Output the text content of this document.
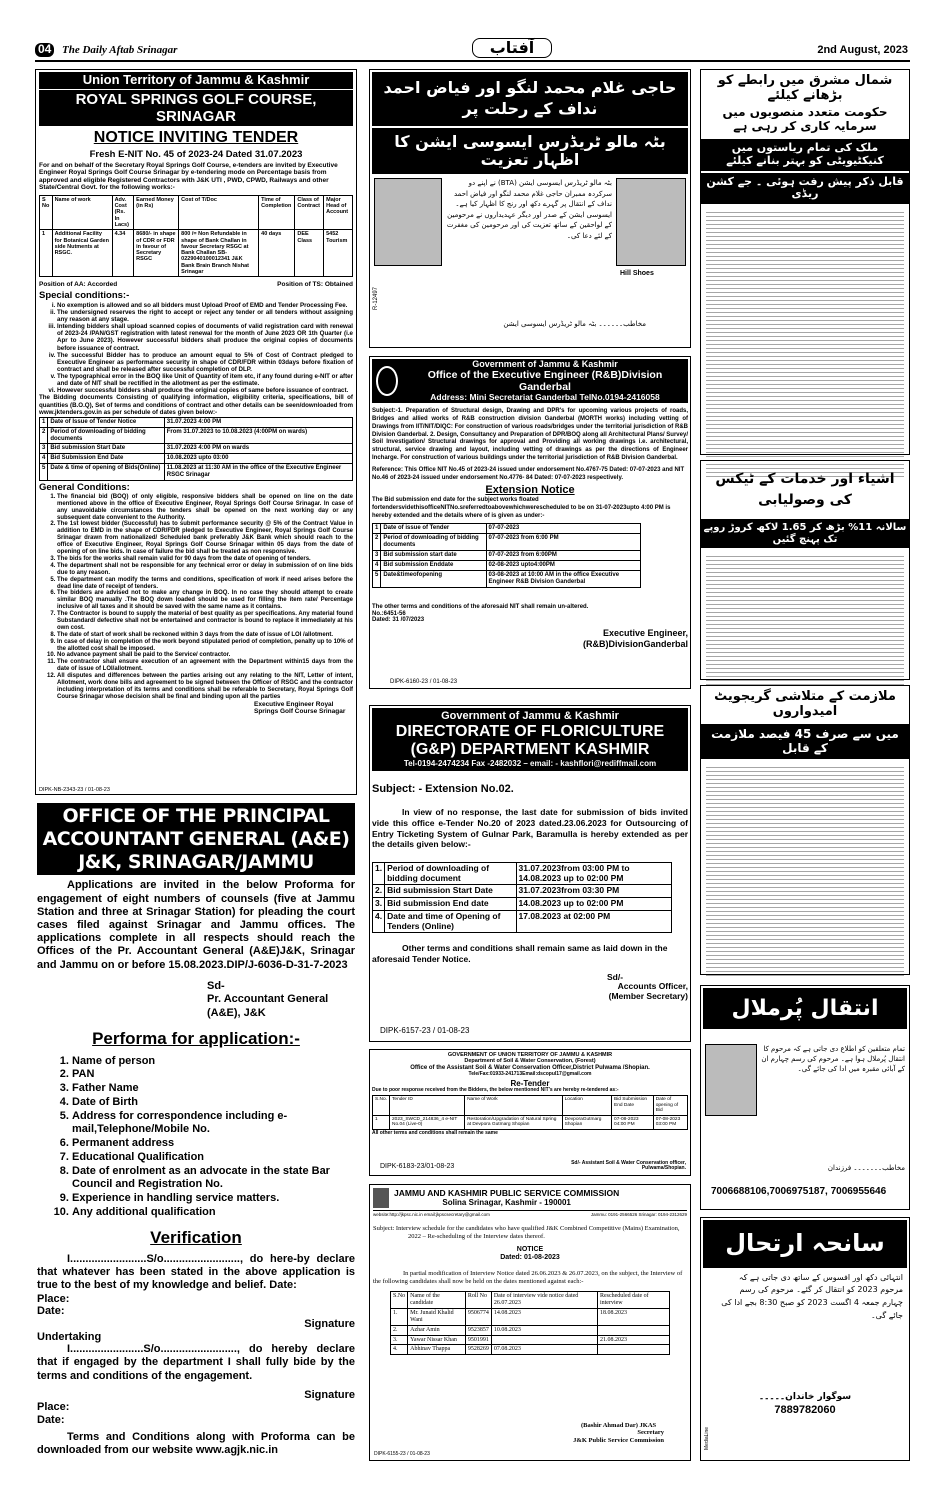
04 The Daily Aftab Srinagar	آفتاب	2nd August, 2023
Union Territory of Jammu & Kashmir
ROYAL SPRINGS GOLF COURSE, SRINAGAR
NOTICE INVITING TENDER
Fresh E-NIT No. 45 of 2023-24 Dated 31.07.2023
For and on behalf of the Secretary Royal Springs Golf Course, e-tenders are invited by Executive Engineer Royal Springs Golf Course Srinagar by e-tendering mode on Percentage basis from approved and eligible Registered Contractors with J&K UTI , PWD, CPWD, Railways and other State/Central Govt. for the following works:-
S No	Name of work	Adv. Cost (Rs. In Lacs)	Earned Money (in Rs)	Cost of T/Doc	Time of Completion	Class of Contract	Major Head of Account
1	Additional Facility for Botanical Garden side Nutments at RSGC.	4.34	8680/- in shape of CDR or FDR in favour of Secretary RSGC	800 /= Non Refundable in shape of Bank Challan in favour Secretary RSGC at Bank Challan SB-0229040100012341 J&K Bank Brain Branch Nishat Srinagar	40 days	DEE Class	5452 Tourism
Position of AA: Accorded	Position of TS: Obtained
Special conditions:-
i. No exemption is allowed and so all bidders must Upload Proof of EMD and Tender Processing Fee.
ii. The undersigned reserves the right to accept or reject any tender or all tenders without assigning any reason at any stage.
iii. Intending bidders shall upload scanned copies of documents of valid registration card with renewal of 2023-24 /PAN/GST registration with latest renewal for the month of June 2023 OR 1th Quarter (i.e Apr to June 2023). However successful bidders shall produce the original copies of documents before issuance of contract.
iv. The successful Bidder has to produce an amount equal to 5% of Cost of Contract pledged to Executive Engineer as performance security in shape of CDR/FDR within 03days before fixation of contract and shall be released after successful completion of DLP.
v. The typographical error in the BOQ like Unit of Quantity of item etc, if any found during e-NIT or after and date of NIT shall be rectified in the allotment as per the estimate.
vi. However successful bidders shall produce the original copies of same before issuance of contract.
The Bidding documents Consisting of qualifying information, eligibility criteria, specifications, bill of quantities (B.O.Q), Set of terms and conditions of contract and other details can be seen/downloaded from www.jktenders.gov.in as per schedule of dates given below:-
1	Date of Issue of Tender Notice	31.07.2023 4:00 PM
2	Period of downloading of bidding documents	From 31.07.2023 to 10.08.2023 (4:00PM on wards)
3	Bid submission Start Date	31.07.2023 4:00 PM on wards
4	Bid Submission End Date	10.08.2023 upto 03:00
5	Date & time of opening of Bids(Online)	11.08.2023 at 11:30 AM in the office of the Executive Engineer RSGC Srinagar
General Conditions:
1. The financial bid (BOQ) of only eligible, responsive bidders shall be opened on line on the date mentioned above in the office of Executive Engineer, Royal Springs Golf Course Srinagar. In case of any unavoidable circumstances the tenders shall be opened on the next working day or any subsequent date convenient to the Authority.
2. The 1st lowest bidder (Successful) has to submit performance security @ 5% of the Contract Value in addition to EMD in the shape of CDR/FDR pledged to Executive Engineer, Royal Springs Golf Course Srinagar drawn from nationalized/ Scheduled bank preferably J&K Bank which should reach to the office of Executive Engineer, Royal Springs Golf Course Srinagar within 05 days from the date of opening of on line bids. In case of failure the bid shall be treated as non responsive.
3. The bids for the works shall remain valid for 90 days from the date of opening of tenders.
4. The department shall not be responsible for any technical error or delay in submission of on line bids due to any reason.
5. The department can modify the terms and conditions, specification of work if need arises before the dead line date of receipt of tenders.
6. The bidders are advised not to make any change in BOQ. In no case they should attempt to create similar BOQ manually .The BOQ down loaded should be used for filling the item rate/ Percentage inclusive of all taxes and it should be saved with the same name as it contains.
7. The Contractor is bound to supply the material of best quality as per specifications. Any material found Substandard/ defective shall not be entertained and contractor is bound to replace it immediately at his own cost.
8. The date of start of work shall be reckoned within 3 days from the date of issue of LOI /allotment.
9. In case of delay in completion of the work beyond stipulated period of completion, penalty up to 10% of the allotted cost shall be imposed.
10. No advance payment shall be paid to the Service/ contractor.
11. The contractor shall ensure execution of an agreement with the Department within15 days from the date of issue of LOI/allotment.
12. All disputes and differences between the parties arising out any relating to the NIT, Letter of intent, Allotment, work done bills and agreement to be signed between the Officer of RSGC and the contractor including interpretation of its terms and conditions shall be referable to Secretary, Royal Springs Golf Course Srinagar whose decision shall be final and binding upon all the parties
Executive Engineer Royal Springs Golf Course Srinagar
DIPK-NB-2343-23 / 01-08-23
OFFICE OF THE PRINCIPAL ACCOUNTANT GENERAL (A&E) J&K, SRINAGAR/JAMMU
Applications are invited in the below Proforma for engagement of eight numbers of counsels (five at Jammu Station and three at Srinagar Station) for pleading the court cases filed against Srinagar and Jammu offices. The applications complete in all respects should reach the Offices of the Pr. Accountant General (A&E)J&K, Srinagar and Jammu on or before 15.08.2023.DIP/J-6036-D-31-7-2023
Sd-
Pr. Accountant General
(A&E), J&K
Performa for application:-
1. Name of person
2. PAN
3. Father Name
4. Date of Birth
5. Address for correspondence including e-mail,Telephone/Mobile No.
6. Permanent address
7. Educational Qualification
8. Date of enrolment as an advocate in the state Bar Council and Registration No.
9. Experience in handling service matters.
10. Any additional qualification
Verification
I.........................S/o........................., do here-by declare that whatever has been stated in the above application is true to the best of my knowledge and belief. Date:
Place:
Date:
Signature
Undertaking
I........................S/o........................., do hereby declare that if engaged by the department I shall fully bide by the terms and conditions of the engagement.
Signature
Place:
Date:
Terms and Conditions along with Proforma can be downloaded from our website www.agjk.nic.in
حاجی غلام محمد لنگو اور فیاض احمد نداف کے رحلت پر
بٹہ مالو ٹریڈرس ایسوسی ایشن کا اظہار تعزیت
Hill Shoes
بٹہ مالو ٹریڈرس ایسوسی ایشن (BTA) نے اپنے دو سرکردہ ممبران حاجی غلام محمد لنگو اور فیاض احمد نداف کے انتقال پر گہرے دکھ اور رنج کا اظہار کیا ہے۔ ایسوسی ایشن کے صدر اور دیگر عہدیداروں نے مرحومین کے لواحقین کے ساتھ تعزیت کی اور مرحومین کی مغفرت کے لئے دعا کی۔
مخاطب۔۔۔۔۔۔ بٹہ مالو ٹریڈرس ایسوسی ایشن
R-12497
Government of Jammu & Kashmir
Office of the Executive Engineer (R&B)Division Ganderbal
Address: Mini Secretariat Ganderbal TelNo.0194-2416058
Subject:-1. Preparation of Structural design, Drawing and DPR's for upcoming various projects of roads, Bridges and allied works of R&B construction division Ganderbal (MORTH works) including vetting of Drawings from IIT/NIT/DIQC: For construction of various roads/bridges under the territorial jurisdiction of R&B Division Ganderbal. 2. Design, Consultancy and Preparation of DPR/BOQ along all Architectural Plans/ Survey/ Soil Investigation/ Structural drawings for approval and Providing all working drawings i.e. architectural, structural, service drawing and layout, including vetting of drawings as per the directions of Engineer Incharge. For construction of various buildings under the territorial jurisdiction of R&B Division Ganderbal.
Reference: This Office NIT No.45 of 2023-24 issued under endorsement No.4767-75 Dated: 07-07-2023 and NIT No.46 of 2023-24 issued under endorsement No.4776- 84 Dated: 07-07-2023 respectively.
Extension Notice
The Bid submission end date for the subject works floated fortendersvidethisofficeNITNo.sreferredtoabovewhichwerescheduled to be on 31-07-2023upto 4:00 PM is hereby extended and the details where of is given as under:-
1	Date of issue of Tender	07-07-2023
2	Period of downloading of bidding documents	07-07-2023 from 6:00 PM
3	Bid submission start date	07-07-2023 from 6:00PM
4	Bid submission Enddate	02-08-2023 upto4:00PM
5	Date&timeofopening	03-08-2023 at 10:00 AM in the office Executive Engineer R&B Division Ganderbal
The other terms and conditions of the aforesaid NIT shall remain un-altered.
No.:6451-56
Dated: 31 /07/2023
Executive Engineer,
(R&B)DivisionGanderbal
DIPK-6160-23 / 01-08-23
Government of Jammu & Kashmir
DIRECTORATE OF FLORICULTURE
(G&P) DEPARTMENT KASHMIR
Tel-0194-2474234 Fax -2482032 – email: - kashflori@rediffmail.com
Subject: - Extension No.02.
In view of no response, the last date for submission of bids invited vide this office e-Tender No.20 of 2023 dated.23.06.2023 for Outsourcing of Entry Ticketing System of Gulnar Park, Baramulla is hereby extended as per the details given below:-
1.	Period of downloading of bidding document	31.07.2023from 03:00 PM to 14.08.2023 up to 02:00 PM
2.	Bid submission Start Date	31.07.2023from 03:30 PM
3.	Bid submission End date	14.08.2023 up to 02:00 PM
4.	Date and time of Opening of Tenders (Online)	17.08.2023 at 02:00 PM
Other terms and conditions shall remain same as laid down in the aforesaid Tender Notice.
Sd/-
Accounts Officer,
(Member Secretary)
DIPK-6157-23 / 01-08-23
GOVERNMENT OF UNION TERRITORY OF JAMMU & KASHMIR
Department of Soil & Water Conservation, (Forest)
Office of the Assistant Soil & Water Conservation Officer,District Pulwama /Shopian.
Tele/Fax:01933-241713Email:dscopul17@gmail.com
Re-Tender
Due to poor response received from the Bidders, the below mentioned NIT's are hereby re-tendered as:-
S.No.	Tender ID	Name of Work	Location	Bid Submission End Date	Date of opening of Bid
1	2023_SWCD_214836_4 e-NIT No.04 (Live-0)	Restoration/Upgradation of Natural Spring at Devpora Gutmarg Shopian	DevporaGutmarg Shopian	07-08-2023 04:00 PM	07-08-2023 03:00 PM
All other terms and conditions shall remain the same
DIPK-6183-23/01-08-23
Sd/- Assistant Soil & Water Conservation officer, Pulwama/Shopian.
JAMMU AND KASHMIR PUBLIC SERVICE COMMISSION
Solina Srinagar, Kashmir - 190001
website:http://jkpsc.nic.in email:jkpscsecretary@gmail.com	Jammu: 0191-2566526 Srinagar: 0194-2312629
Subject: Interview schedule for the candidates who have qualified J&K Combined Competitive (Mains) Examination, 2022 – Re-scheduling of the Interview dates thereof.
NOTICE
Dated: 01-08-2023
In partial modification of Interview Notice dated 26.06.2023 & 26.07.2023, on the subject, the Interview of the following candidates shall now be held on the dates mentioned against each:-
S.No	Name of the candidate	Roll No	Date of interview vide notice dated 26.07.2023	Rescheduled date of interview
1.	Mr. Junaid Khalid Wani	9506774	14.08.2023	18.08.2023
2.	Azhar Amin	9523857	10.08.2023	
3.	Yawar Nissar Khan	9501991		21.08.2023
4.	Abhinav Thappa	9528269	07.08.2023	
(Bashir Ahmad Dar) JKAS
Secretary
J&K Public Service Commission
DIPK-6155-23 / 01-08-23
شمال مشرق میں رابطے کو بڑھانے کیلئے
حکومت متعدد منصوبوں میں سرمایہ کاری کر رہی ہے
ملک کی تمام ریاستوں میں کنیکٹیویٹی کو بہتر بنانے کیلئے
قابل ذکر پیش رفت ہوئی ۔ جے کشن ریڈی
اشیاء اور خدمات کے ٹیکس کی وصولیابی
سالانہ 11% بڑھ کر 1.65 لاکھ کروڑ روپے تک پہنچ گئیں
ملازمت کے متلاشی گریجویٹ امیدواروں
میں سے صرف 45 فیصد ملازمت کے قابل
انتقال پُرملال
تمام متعلقین کو اطلاع دی جاتی ہے کہ مرحوم کا انتقال پُرملال ہوا ہے۔ مرحوم کی رسم چہارم ان کے آبائی مقبرہ میں ادا کی جائے گی۔
مخاطب۔۔۔۔۔۔۔ فرزندان
7006688106,7006975187, 7006955646
سانحہ ارتحال
انتہائی دکھ اور افسوس کے ساتھ دی جاتی ہے کہ مرحوم 2023 کو انتقال کر گئے۔ مرحوم کی رسم چہارم جمعہ 4 اگست 2023 کو صبح 8:30 بجے ادا کی جائے گی۔
سوگوار خاندان۔۔۔۔۔
7889782060
MediaLine
